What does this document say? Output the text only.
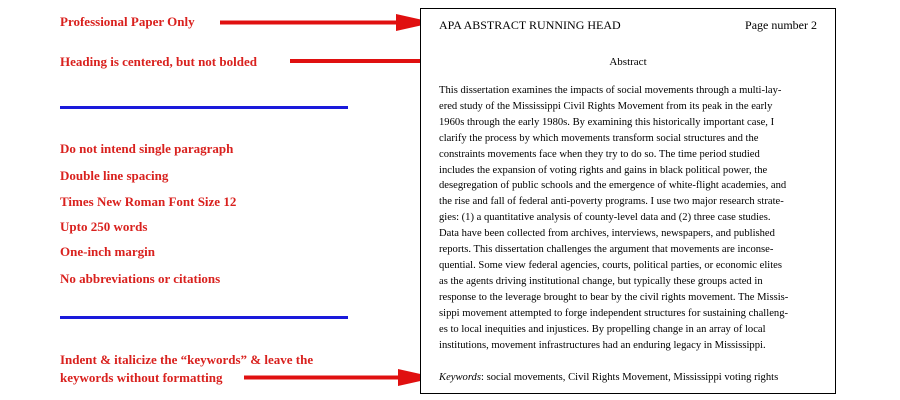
Professional Paper Only
Heading is centered, but not bolded
Do not intend single paragraph
Double line spacing
Times New Roman Font Size 12
Upto 250 words
One-inch margin
No abbreviations or citations
Indent & italicize the “keywords” & leave the
keywords without formatting
APA ABSTRACT RUNNING HEAD	Page number 2
Abstract
This dissertation examines the impacts of social movements through a multi-lay-
ered study of the Mississippi Civil Rights Movement from its peak in the early
1960s through the early 1980s. By examining this historically important case, I
clarify the process by which movements transform social structures and the
constraints movements face when they try to do so. The time period studied
includes the expansion of voting rights and gains in black political power, the
desegregation of public schools and the emergence of white-flight academies, and
the rise and fall of federal anti-poverty programs. I use two major research strate-
gies: (1) a quantitative analysis of county-level data and (2) three case studies.
Data have been collected from archives, interviews, newspapers, and published
reports. This dissertation challenges the argument that movements are inconse-
quential. Some view federal agencies, courts, political parties, or economic elites
as the agents driving institutional change, but typically these groups acted in
response to the leverage brought to bear by the civil rights movement. The Missis-
sippi movement attempted to forge independent structures for sustaining challeng-
es to local inequities and injustices. By propelling change in an array of local
institutions, movement infrastructures had an enduring legacy in Mississippi.
Keywords: social movements, Civil Rights Movement, Mississippi voting rights
